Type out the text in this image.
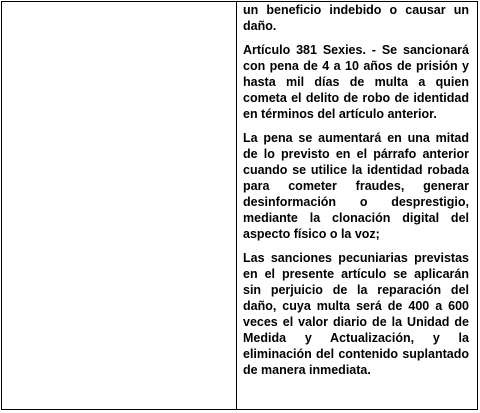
un beneficio indebido o causar un daño.

Artículo 381 Sexies. - Se sancionará con pena de 4 a 10 años de prisión y hasta mil días de multa a quien cometa el delito de robo de identidad en términos del artículo anterior.

La pena se aumentará en una mitad de lo previsto en el párrafo anterior cuando se utilice la identidad robada para cometer fraudes, generar desinformación o desprestigio, mediante la clonación digital del aspecto físico o la voz;

Las sanciones pecuniarias previstas en el presente artículo se aplicarán sin perjuicio de la reparación del daño, cuya multa será de 400 a 600 veces el valor diario de la Unidad de Medida y Actualización, y la eliminación del contenido suplantado de manera inmediata.
